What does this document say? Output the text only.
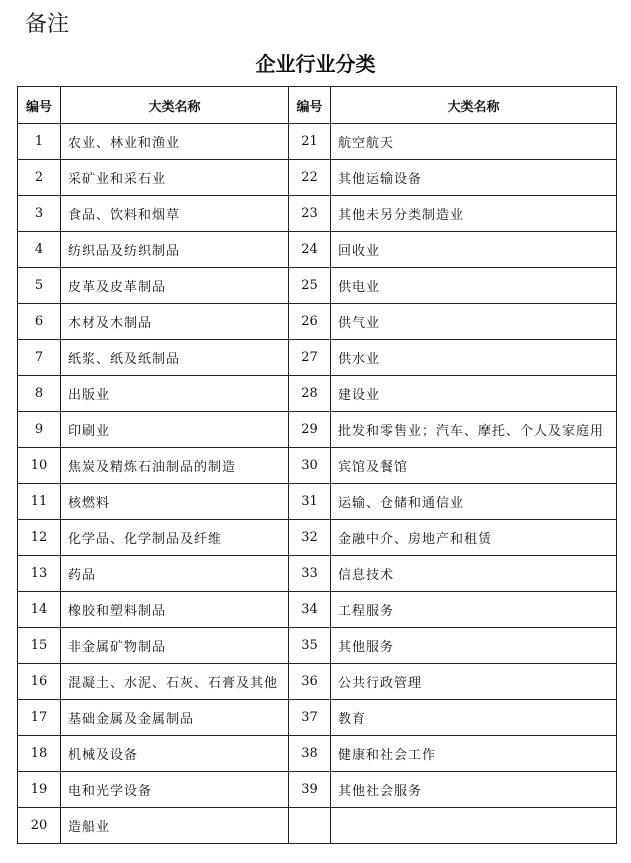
备注
企业行业分类
编号	大类名称	编号	大类名称
1	农业、林业和渔业	21	航空航天
2	采矿业和采石业	22	其他运输设备
3	食品、饮料和烟草	23	其他未另分类制造业
4	纺织品及纺织制品	24	回收业
5	皮革及皮革制品	25	供电业
6	木材及木制品	26	供气业
7	纸浆、纸及纸制品	27	供水业
8	出版业	28	建设业
9	印刷业	29	批发和零售业；汽车、摩托、个人及家庭用
10	焦炭及精炼石油制品的制造	30	宾馆及餐馆
11	核燃料	31	运输、仓储和通信业
12	化学品、化学制品及纤维	32	金融中介、房地产和租赁
13	药品	33	信息技术
14	橡胶和塑料制品	34	工程服务
15	非金属矿物制品	35	其他服务
16	混凝土、水泥、石灰、石膏及其他	36	公共行政管理
17	基础金属及金属制品	37	教育
18	机械及设备	38	健康和社会工作
19	电和光学设备	39	其他社会服务
20	造船业		
